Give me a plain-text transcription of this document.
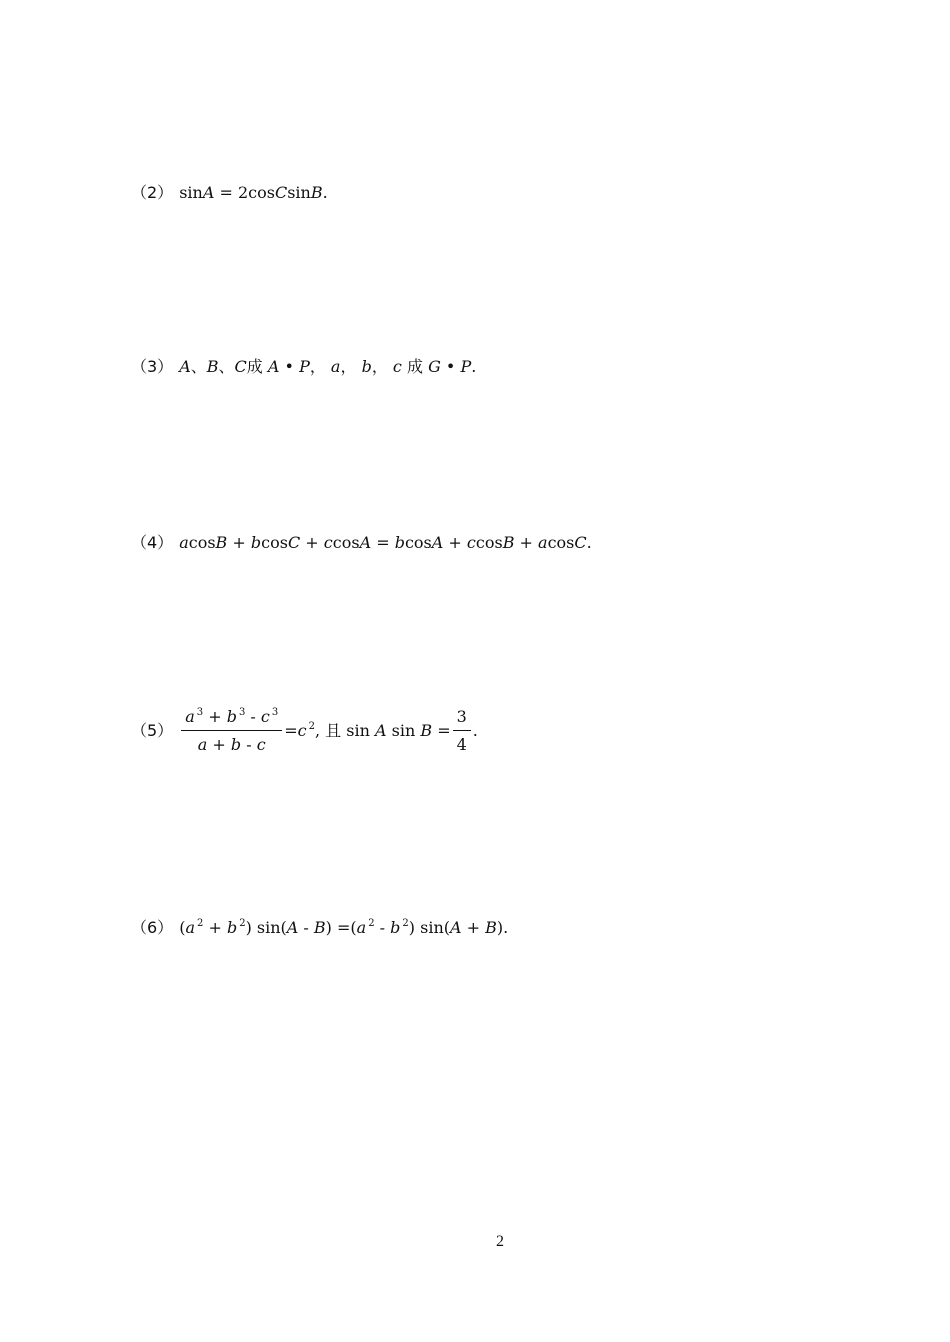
（2） sinA = 2cosCsinB.
（3） A、B、C成 A • P， a， b， c 成 G • P.
（4） acosB + bcosC + ccosA = bcosA + ccosB + acosC.
$(5) \frac{a ^3 + b ^3 - c ^3}{a + b - c} =c$ $^2$, 且 sin A $\sin B = \frac{3}{4}$ .
（6） (a $^2$ + b $^2$) sin(A - B) =(a $^2$ - b $^2$) sin(A + B).
2
